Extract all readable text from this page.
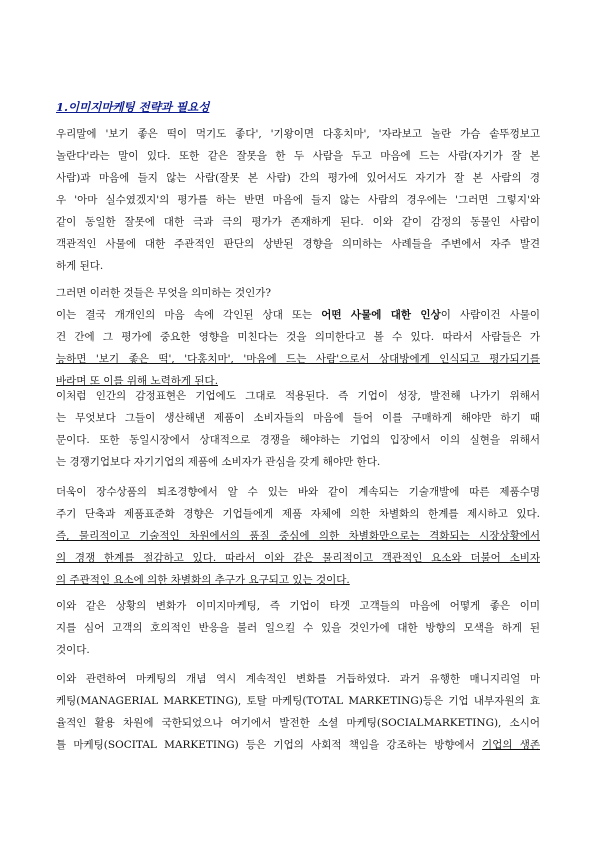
1.이미지마케팅 전략과 필요성
우리말에 '보기 좋은 떡이 먹기도 좋다', '기왕이면 다홍치마', '자라보고 놀란 가슴 솥뚜껑보고
놀란다'라는 말이 있다. 또한 같은 잘못을 한 두 사람을 두고 마음에 드는 사람(자기가 잘 본
사람)과 마음에 들지 않는 사람(잘못 본 사람) 간의 평가에 있어서도 자기가 잘 본 사람의 경
우 '아마 실수였겠지'의 평가를 하는 반면 마음에 들지 않는 사람의 경우에는 '그러면 그렇지'와
같이 동일한 잘못에 대한 극과 극의 평가가 존재하게 된다. 이와 같이 감정의 동물인 사람이
객관적인 사물에 대한 주관적인 판단의 상반된 경향을 의미하는 사례들을 주변에서 자주 발견
하게 된다.
그러면 이러한 것들은 무엇을 의미하는 것인가?
이는 결국 개개인의 마음 속에 각인된 상대 또는 어떤 사물에 대한 인상이 사람이건 사물이
건 간에 그 평가에 중요한 영향을 미친다는 것을 의미한다고 볼 수 있다. 따라서 사람들은 가
능하면 '보기 좋은 떡', '다홍치마', '마음에 드는 사람'으로서 상대방에게 인식되고 평가되기를
바라며 또 이를 위해 노력하게 된다.
이처럼 인간의 감정표현은 기업에도 그대로 적용된다. 즉 기업이 성장, 발전해 나가기 위해서
는 무엇보다 그들이 생산해낸 제품이 소비자들의 마음에 들어 이를 구매하게 해야만 하기 때
문이다. 또한 동일시장에서 상대적으로 경쟁을 해야하는 기업의 입장에서 이의 실현을 위해서
는 경쟁기업보다 자기기업의 제품에 소비자가 관심을 갖게 해야만 한다.
더욱이 장수상품의 퇴조경향에서 알 수 있는 바와 같이 계속되는 기술개발에 따른 제품수명
주기 단축과 제품표준화 경향은 기업들에게 제품 자체에 의한 차별화의 한계를 제시하고 있다.
즉, 물리적이고 기술적인 차원에서의 품질 중심에 의한 차별화만으로는 격화되는 시장상황에서
의 경쟁 한계를 절감하고 있다. 따라서 이와 같은 물리적이고 객관적인 요소와 더불어 소비자
의 주관적인 요소에 의한 차별화의 추구가 요구되고 있는 것이다.
이와 같은 상황의 변화가 이미지마케팅, 즉 기업이 타겟 고객들의 마음에 어떻게 좋은 이미
지를 심어 고객의 호의적인 반응을 불러 일으킬 수 있을 것인가에 대한 방향의 모색을 하게 된
것이다.
이와 관련하여 마케팅의 개념 역시 계속적인 변화를 거듭하였다. 과거 유행한 매니지리얼 마
케팅(MANAGERIAL MARKETING), 토탈 마케팅(TOTAL MARKETING)등은 기업 내부자원의 효
율적인 활용 차원에 국한되었으나 여기에서 발전한 소셜 마케팅(SOCIALMARKETING), 소시어
틀 마케팅(SOCITAL MARKETING) 등은 기업의 사회적 책임을 강조하는 방향에서 기업의 생존
